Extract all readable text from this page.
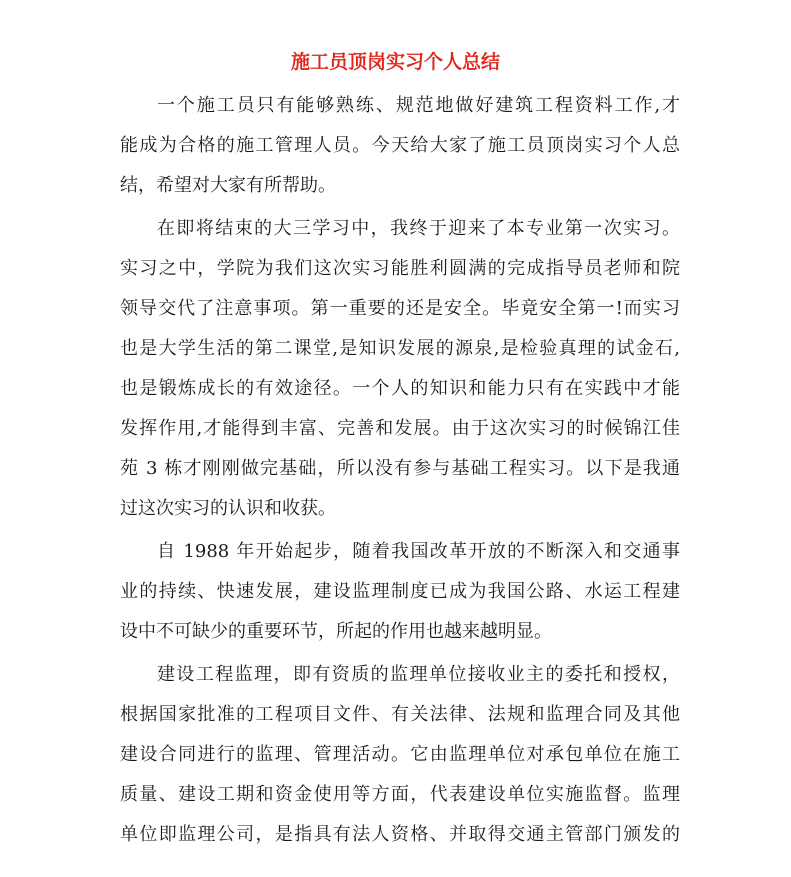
施工员顶岗实习个人总结

一个施工员只有能够熟练、规范地做好建筑工程资料工作,才

能成为合格的施工管理人员。今天给大家了施工员顶岗实习个人总

结，希望对大家有所帮助。

在即将结束的大三学习中，我终于迎来了本专业第一次实习。

实习之中，学院为我们这次实习能胜利圆满的完成指导员老师和院

领导交代了注意事项。第一重要的还是安全。毕竟安全第一!而实习

也是大学生活的第二课堂,是知识发展的源泉,是检验真理的试金石,

也是锻炼成长的有效途径。一个人的知识和能力只有在实践中才能

发挥作用,才能得到丰富、完善和发展。由于这次实习的时候锦江佳

苑 3 栋才刚刚做完基础，所以没有参与基础工程实习。以下是我通

过这次实习的认识和收获。

自 1988 年开始起步，随着我国改革开放的不断深入和交通事

业的持续、快速发展，建设监理制度已成为我国公路、水运工程建

设中不可缺少的重要环节，所起的作用也越来越明显。

建设工程监理，即有资质的监理单位接收业主的委托和授权，

根据国家批准的工程项目文件、有关法律、法规和监理合同及其他

建设合同进行的监理、管理活动。它由监理单位对承包单位在施工

质量、建设工期和资金使用等方面，代表建设单位实施监督。监理

单位即监理公司，是指具有法人资格、并取得交通主管部门颁发的
